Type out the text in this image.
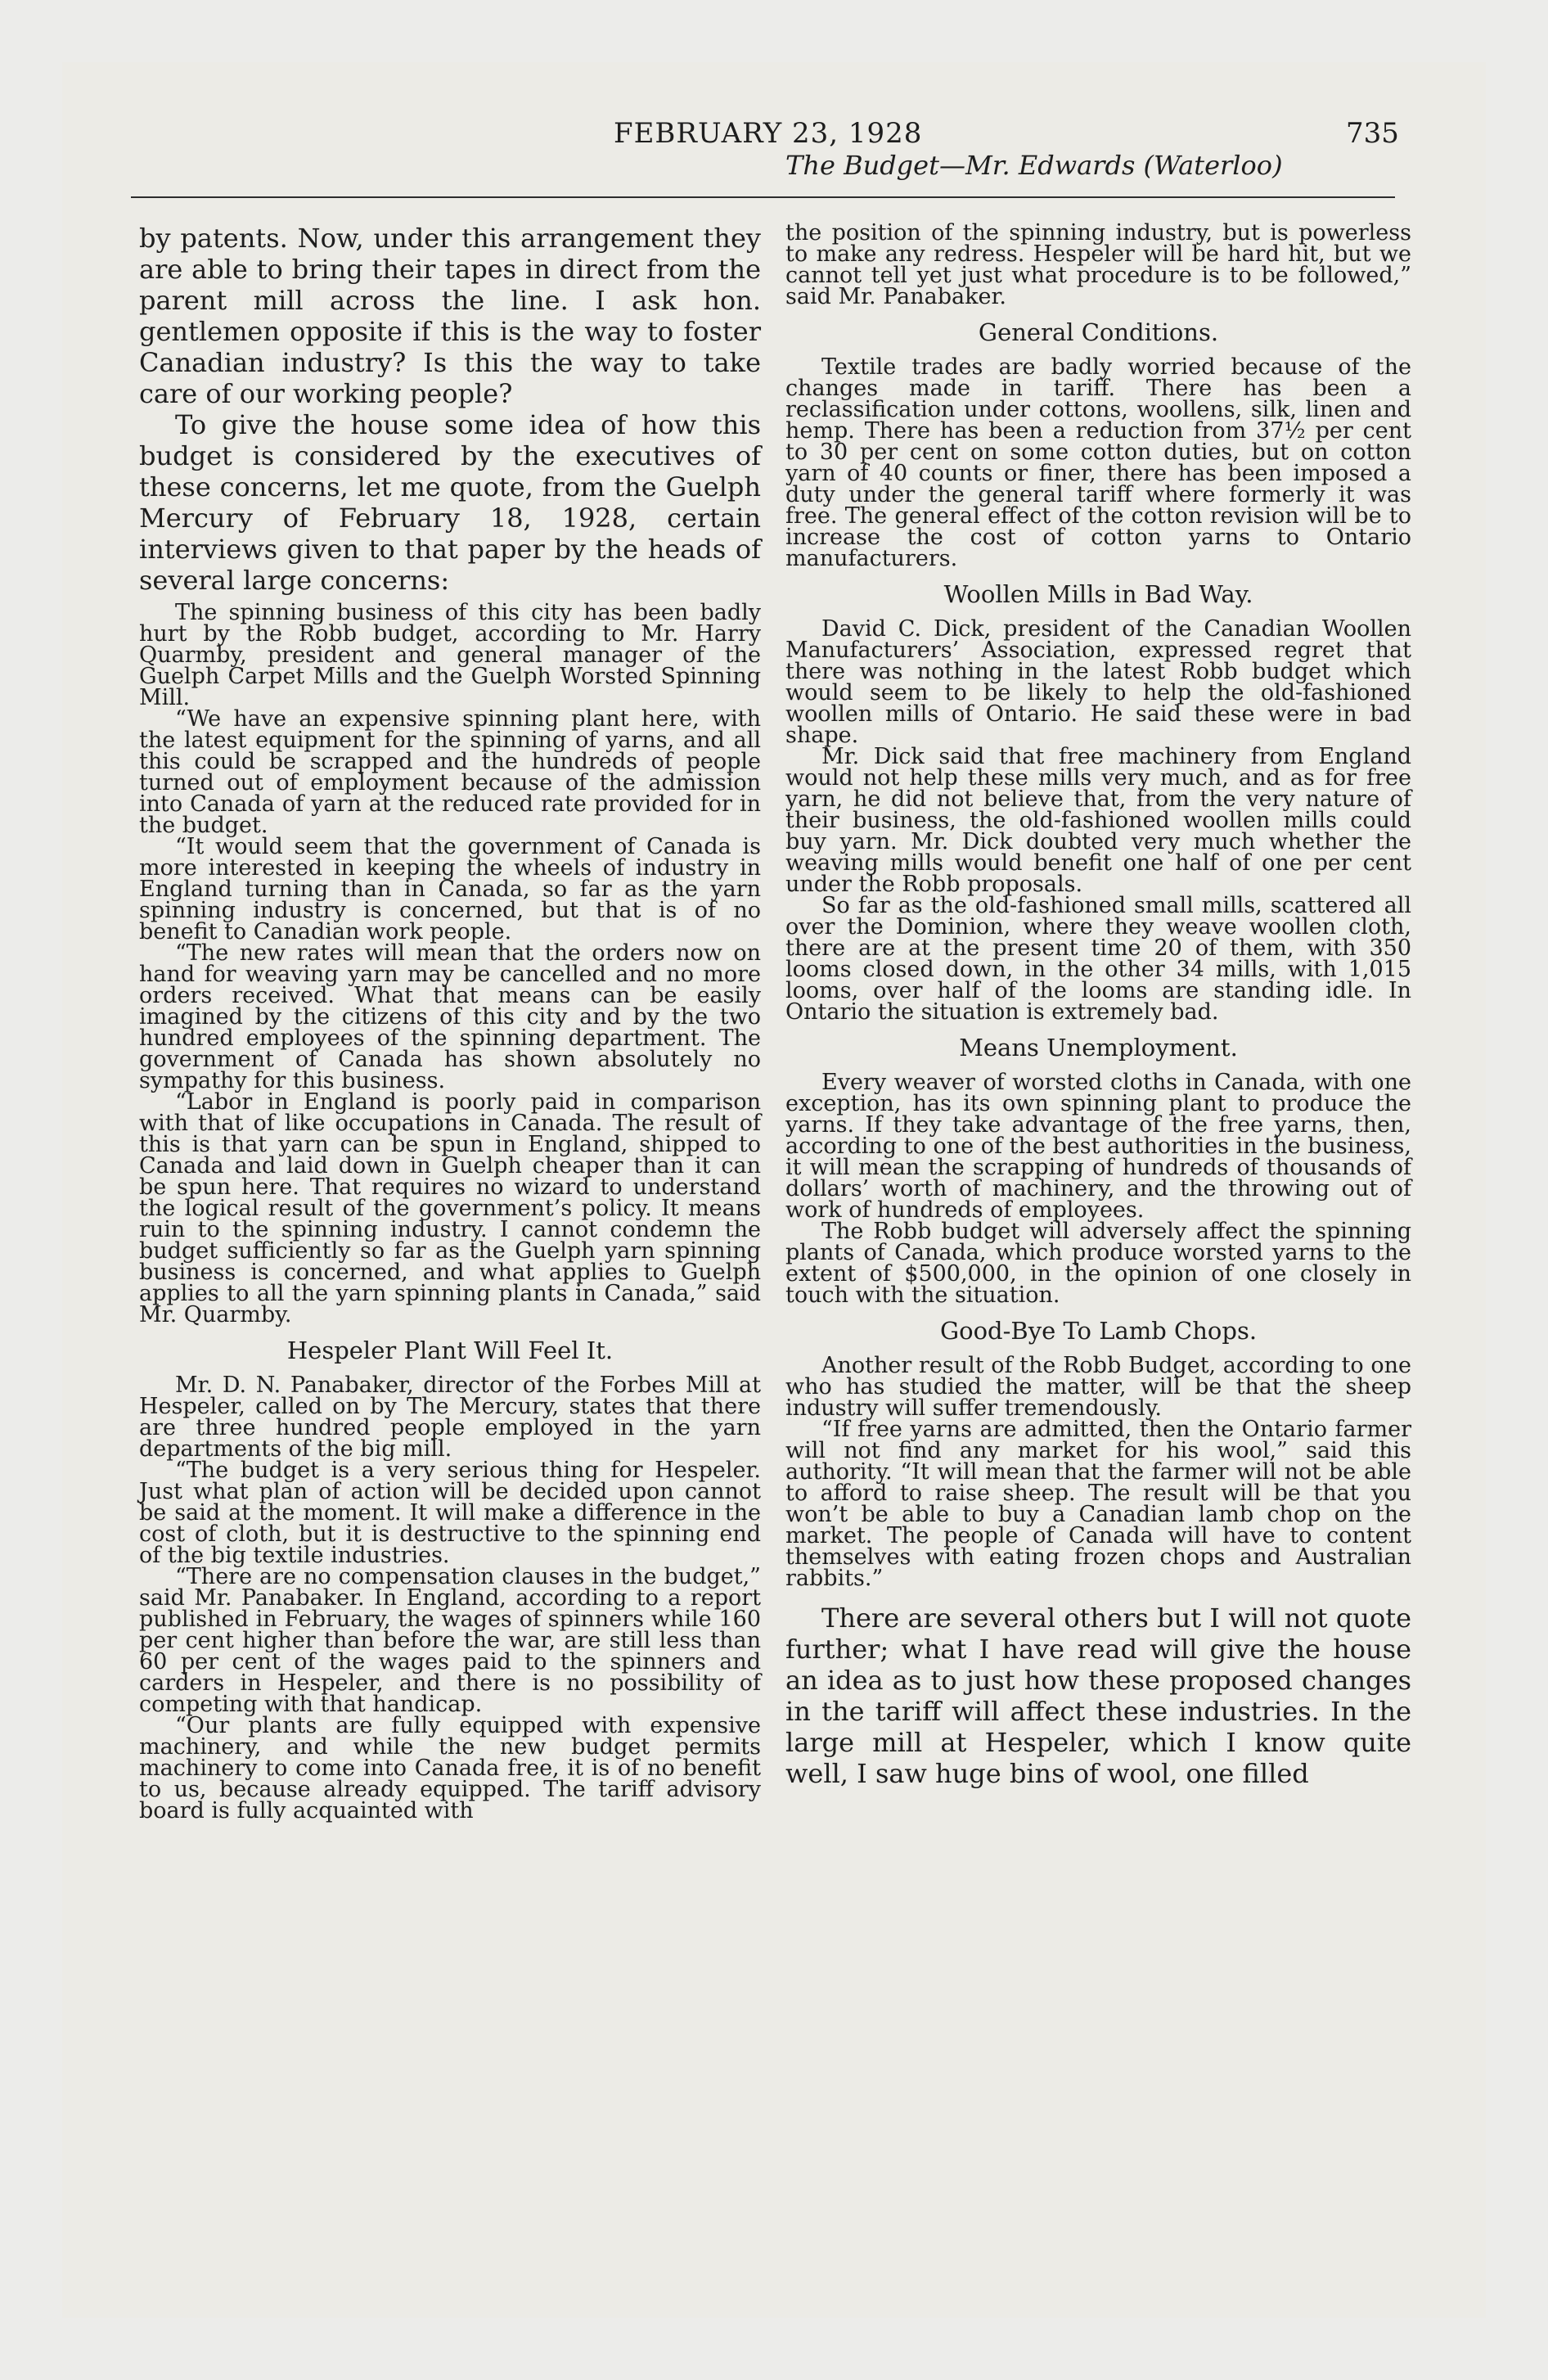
FEBRUARY 23, 1928	735
The Budget—Mr. Edwards (Waterloo)

by patents. Now, under this arrangement they are able to bring their tapes in direct from the parent mill across the line. I ask hon. gentlemen opposite if this is the way to foster Canadian industry? Is this the way to take care of our working people?

To give the house some idea of how this budget is considered by the executives of these concerns, let me quote, from the Guelph Mercury of February 18, 1928, certain interviews given to that paper by the heads of several large concerns:

The spinning business of this city has been badly hurt by the Robb budget, according to Mr. Harry Quarmby, president and general manager of the Guelph Carpet Mills and the Guelph Worsted Spinning Mill.

“We have an expensive spinning plant here, with the latest equipment for the spinning of yarns, and all this could be scrapped and the hundreds of people turned out of employment because of the admission into Canada of yarn at the reduced rate provided for in the budget.

“It would seem that the government of Canada is more interested in keeping the wheels of industry in England turning than in Canada, so far as the yarn spinning industry is concerned, but that is of no benefit to Canadian work people.

“The new rates will mean that the orders now on hand for weaving yarn may be cancelled and no more orders received. What that means can be easily imagined by the citizens of this city and by the two hundred employees of the spinning department. The government of Canada has shown absolutely no sympathy for this business.

“Labor in England is poorly paid in comparison with that of like occupations in Canada. The result of this is that yarn can be spun in England, shipped to Canada and laid down in Guelph cheaper than it can be spun here. That requires no wizard to understand the logical result of the government’s policy. It means ruin to the spinning industry. I cannot condemn the budget sufficiently so far as the Guelph yarn spinning business is concerned, and what applies to Guelph applies to all the yarn spinning plants in Canada,” said Mr. Quarmby.

Hespeler Plant Will Feel It.

Mr. D. N. Panabaker, director of the Forbes Mill at Hespeler, called on by The Mercury, states that there are three hundred people employed in the yarn departments of the big mill.

“The budget is a very serious thing for Hespeler. Just what plan of action will be decided upon cannot be said at the moment. It will make a difference in the cost of cloth, but it is destructive to the spinning end of the big textile industries.

“There are no compensation clauses in the budget,” said Mr. Panabaker. In England, according to a report published in February, the wages of spinners while 160 per cent higher than before the war, are still less than 60 per cent of the wages paid to the spinners and carders in Hespeler, and there is no possibility of competing with that handicap.

“Our plants are fully equipped with expensive machinery, and while the new budget permits machinery to come into Canada free, it is of no benefit to us, because already equipped. The tariff advisory board is fully acquainted with

the position of the spinning industry, but is powerless to make any redress. Hespeler will be hard hit, but we cannot tell yet just what procedure is to be followed,” said Mr. Panabaker.

General Conditions.

Textile trades are badly worried because of the changes made in tariff. There has been a reclassification under cottons, woollens, silk, linen and hemp. There has been a reduction from 37½ per cent to 30 per cent on some cotton duties, but on cotton yarn of 40 counts or finer, there has been imposed a duty under the general tariff where formerly it was free. The general effect of the cotton revision will be to increase the cost of cotton yarns to Ontario manufacturers.

Woollen Mills in Bad Way.

David C. Dick, president of the Canadian Woollen Manufacturers’ Association, expressed regret that there was nothing in the latest Robb budget which would seem to be likely to help the old-fashioned woollen mills of Ontario. He said these were in bad shape.

Mr. Dick said that free machinery from England would not help these mills very much, and as for free yarn, he did not believe that, from the very nature of their business, the old-fashioned woollen mills could buy yarn. Mr. Dick doubted very much whether the weaving mills would benefit one half of one per cent under the Robb proposals.

So far as the old-fashioned small mills, scattered all over the Dominion, where they weave woollen cloth, there are at the present time 20 of them, with 350 looms closed down, in the other 34 mills, with 1,015 looms, over half of the looms are standing idle. In Ontario the situation is extremely bad.

Means Unemployment.

Every weaver of worsted cloths in Canada, with one exception, has its own spinning plant to produce the yarns. If they take advantage of the free yarns, then, according to one of the best authorities in the business, it will mean the scrapping of hundreds of thousands of dollars’ worth of machinery, and the throwing out of work of hundreds of employees.

The Robb budget will adversely affect the spinning plants of Canada, which produce worsted yarns to the extent of $500,000, in the opinion of one closely in touch with the situation.

Good-Bye To Lamb Chops.

Another result of the Robb Budget, according to one who has studied the matter, will be that the sheep industry will suffer tremendously.

“If free yarns are admitted, then the Ontario farmer will not find any market for his wool,” said this authority. “It will mean that the farmer will not be able to afford to raise sheep. The result will be that you won’t be able to buy a Canadian lamb chop on the market. The people of Canada will have to content themselves with eating frozen chops and Australian rabbits.”

There are several others but I will not quote further; what I have read will give the house an idea as to just how these proposed changes in the tariff will affect these industries. In the large mill at Hespeler, which I know quite well, I saw huge bins of wool, one filled
